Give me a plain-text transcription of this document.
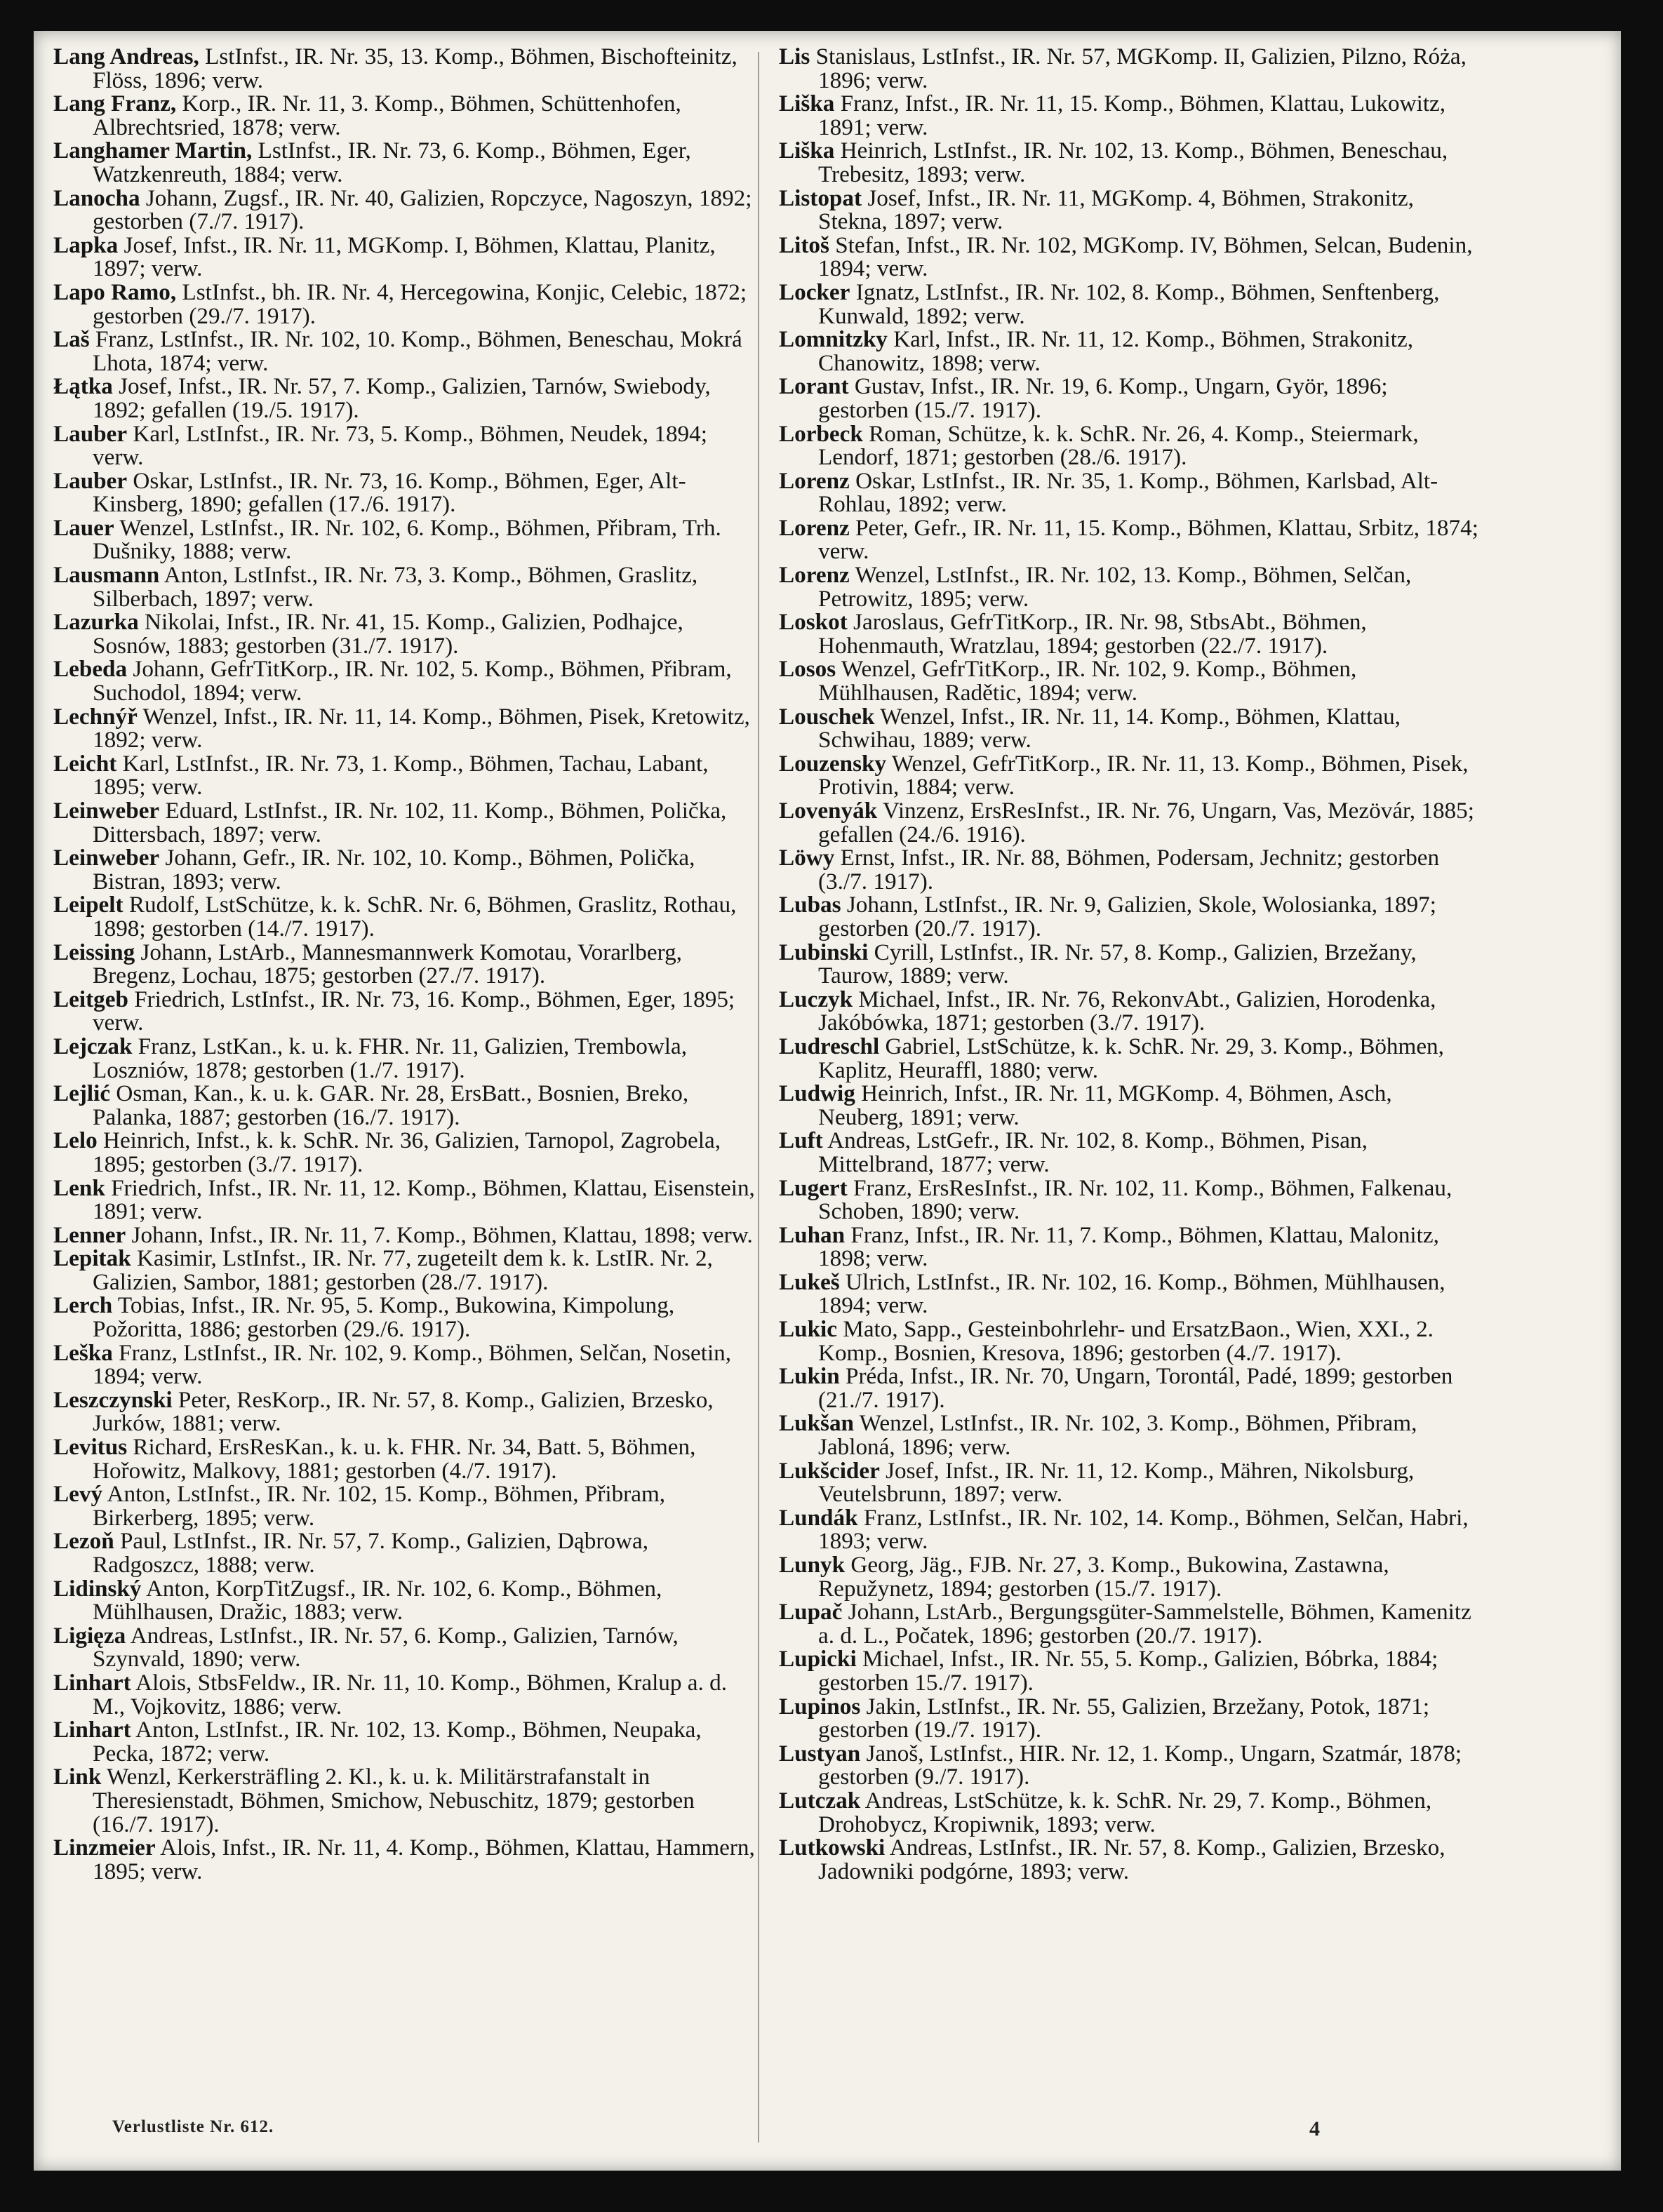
Lang Andreas, LstInfst., IR. Nr. 35, 13. Komp., Böhmen, Bischofteinitz, Flöss, 1896; verw.
Lang Franz, Korp., IR. Nr. 11, 3. Komp., Böhmen, Schüttenhofen, Albrechtsried, 1878; verw.
Langhamer Martin, LstInfst., IR. Nr. 73, 6. Komp., Böhmen, Eger, Watzkenreuth, 1884; verw.
Lanocha Johann, Zugsf., IR. Nr. 40, Galizien, Ropczyce, Nagoszyn, 1892; gestorben (7./7. 1917).
Lapka Josef, Infst., IR. Nr. 11, MGKomp. I, Böhmen, Klattau, Planitz, 1897; verw.
Lapo Ramo, LstInfst., bh. IR. Nr. 4, Hercegowina, Konjic, Celebic, 1872; gestorben (29./7. 1917).
Laš Franz, LstInfst., IR. Nr. 102, 10. Komp., Böhmen, Beneschau, Mokrá Lhota, 1874; verw.
Łątka Josef, Infst., IR. Nr. 57, 7. Komp., Galizien, Tarnów, Swiebody, 1892; gefallen (19./5. 1917).
Lauber Karl, LstInfst., IR. Nr. 73, 5. Komp., Böhmen, Neudek, 1894; verw.
Lauber Oskar, LstInfst., IR. Nr. 73, 16. Komp., Böhmen, Eger, Alt-Kinsberg, 1890; gefallen (17./6. 1917).
Lauer Wenzel, LstInfst., IR. Nr. 102, 6. Komp., Böhmen, Přibram, Trh. Dušniky, 1888; verw.
Lausmann Anton, LstInfst., IR. Nr. 73, 3. Komp., Böhmen, Graslitz, Silberbach, 1897; verw.
Lazurka Nikolai, Infst., IR. Nr. 41, 15. Komp., Galizien, Podhajce, Sosnów, 1883; gestorben (31./7. 1917).
Lebeda Johann, GefrTitKorp., IR. Nr. 102, 5. Komp., Böhmen, Přibram, Suchodol, 1894; verw.
Lechnýř Wenzel, Infst., IR. Nr. 11, 14. Komp., Böhmen, Pisek, Kretowitz, 1892; verw.
Leicht Karl, LstInfst., IR. Nr. 73, 1. Komp., Böhmen, Tachau, Labant, 1895; verw.
Leinweber Eduard, LstInfst., IR. Nr. 102, 11. Komp., Böhmen, Polička, Dittersbach, 1897; verw.
Leinweber Johann, Gefr., IR. Nr. 102, 10. Komp., Böhmen, Polička, Bistran, 1893; verw.
Leipelt Rudolf, LstSchütze, k. k. SchR. Nr. 6, Böhmen, Graslitz, Rothau, 1898; gestorben (14./7. 1917).
Leissing Johann, LstArb., Mannesmannwerk Komotau, Vorarlberg, Bregenz, Lochau, 1875; gestorben (27./7. 1917).
Leitgeb Friedrich, LstInfst., IR. Nr. 73, 16. Komp., Böhmen, Eger, 1895; verw.
Lejczak Franz, LstKan., k. u. k. FHR. Nr. 11, Galizien, Trembowla, Loszniów, 1878; gestorben (1./7. 1917).
Lejlić Osman, Kan., k. u. k. GAR. Nr. 28, ErsBatt., Bosnien, Breko, Palanka, 1887; gestorben (16./7. 1917).
Lelo Heinrich, Infst., k. k. SchR. Nr. 36, Galizien, Tarnopol, Zagrobela, 1895; gestorben (3./7. 1917).
Lenk Friedrich, Infst., IR. Nr. 11, 12. Komp., Böhmen, Klattau, Eisenstein, 1891; verw.
Lenner Johann, Infst., IR. Nr. 11, 7. Komp., Böhmen, Klattau, 1898; verw.
Lepitak Kasimir, LstInfst., IR. Nr. 77, zugeteilt dem k. k. LstIR. Nr. 2, Galizien, Sambor, 1881; gestorben (28./7. 1917).
Lerch Tobias, Infst., IR. Nr. 95, 5. Komp., Bukowina, Kimpolung, Požoritta, 1886; gestorben (29./6. 1917).
Leška Franz, LstInfst., IR. Nr. 102, 9. Komp., Böhmen, Selčan, Nosetin, 1894; verw.
Leszczynski Peter, ResKorp., IR. Nr. 57, 8. Komp., Galizien, Brzesko, Jurków, 1881; verw.
Levitus Richard, ErsResKan., k. u. k. FHR. Nr. 34, Batt. 5, Böhmen, Hořowitz, Malkovy, 1881; gestorben (4./7. 1917).
Levý Anton, LstInfst., IR. Nr. 102, 15. Komp., Böhmen, Přibram, Birkerberg, 1895; verw.
Lezoň Paul, LstInfst., IR. Nr. 57, 7. Komp., Galizien, Dąbrowa, Radgoszcz, 1888; verw.
Lidinský Anton, KorpTitZugsf., IR. Nr. 102, 6. Komp., Böhmen, Mühlhausen, Dražic, 1883; verw.
Ligięza Andreas, LstInfst., IR. Nr. 57, 6. Komp., Galizien, Tarnów, Szynvald, 1890; verw.
Linhart Alois, StbsFeldw., IR. Nr. 11, 10. Komp., Böhmen, Kralup a. d. M., Vojkovitz, 1886; verw.
Linhart Anton, LstInfst., IR. Nr. 102, 13. Komp., Böhmen, Neupaka, Pecka, 1872; verw.
Link Wenzl, Kerkersträfling 2. Kl., k. u. k. Militärstrafanstalt in Theresienstadt, Böhmen, Smichow, Nebuschitz, 1879; gestorben (16./7. 1917).
Linzmeier Alois, Infst., IR. Nr. 11, 4. Komp., Böhmen, Klattau, Hammern, 1895; verw.
Lis Stanislaus, LstInfst., IR. Nr. 57, MGKomp. II, Galizien, Pilzno, Róża, 1896; verw.
Liška Franz, Infst., IR. Nr. 11, 15. Komp., Böhmen, Klattau, Lukowitz, 1891; verw.
Liška Heinrich, LstInfst., IR. Nr. 102, 13. Komp., Böhmen, Beneschau, Trebesitz, 1893; verw.
Listopat Josef, Infst., IR. Nr. 11, MGKomp. 4, Böhmen, Strakonitz, Stekna, 1897; verw.
Litoš Stefan, Infst., IR. Nr. 102, MGKomp. IV, Böhmen, Selcan, Budenin, 1894; verw.
Locker Ignatz, LstInfst., IR. Nr. 102, 8. Komp., Böhmen, Senftenberg, Kunwald, 1892; verw.
Lomnitzky Karl, Infst., IR. Nr. 11, 12. Komp., Böhmen, Strakonitz, Chanowitz, 1898; verw.
Lorant Gustav, Infst., IR. Nr. 19, 6. Komp., Ungarn, Györ, 1896; gestorben (15./7. 1917).
Lorbeck Roman, Schütze, k. k. SchR. Nr. 26, 4. Komp., Steiermark, Lendorf, 1871; gestorben (28./6. 1917).
Lorenz Oskar, LstInfst., IR. Nr. 35, 1. Komp., Böhmen, Karlsbad, Alt-Rohlau, 1892; verw.
Lorenz Peter, Gefr., IR. Nr. 11, 15. Komp., Böhmen, Klattau, Srbitz, 1874; verw.
Lorenz Wenzel, LstInfst., IR. Nr. 102, 13. Komp., Böhmen, Selčan, Petrowitz, 1895; verw.
Loskot Jaroslaus, GefrTitKorp., IR. Nr. 98, StbsAbt., Böhmen, Hohenmauth, Wratzlau, 1894; gestorben (22./7. 1917).
Losos Wenzel, GefrTitKorp., IR. Nr. 102, 9. Komp., Böhmen, Mühlhausen, Radětic, 1894; verw.
Louschek Wenzel, Infst., IR. Nr. 11, 14. Komp., Böhmen, Klattau, Schwihau, 1889; verw.
Louzensky Wenzel, GefrTitKorp., IR. Nr. 11, 13. Komp., Böhmen, Pisek, Protivin, 1884; verw.
Lovenyák Vinzenz, ErsResInfst., IR. Nr. 76, Ungarn, Vas, Mezövár, 1885; gefallen (24./6. 1916).
Löwy Ernst, Infst., IR. Nr. 88, Böhmen, Podersam, Jechnitz; gestorben (3./7. 1917).
Lubas Johann, LstInfst., IR. Nr. 9, Galizien, Skole, Wolosianka, 1897; gestorben (20./7. 1917).
Lubinski Cyrill, LstInfst., IR. Nr. 57, 8. Komp., Galizien, Brzežany, Taurow, 1889; verw.
Luczyk Michael, Infst., IR. Nr. 76, RekonvAbt., Galizien, Horodenka, Jakóbówka, 1871; gestorben (3./7. 1917).
Ludreschl Gabriel, LstSchütze, k. k. SchR. Nr. 29, 3. Komp., Böhmen, Kaplitz, Heuraffl, 1880; verw.
Ludwig Heinrich, Infst., IR. Nr. 11, MGKomp. 4, Böhmen, Asch, Neuberg, 1891; verw.
Luft Andreas, LstGefr., IR. Nr. 102, 8. Komp., Böhmen, Pisan, Mittelbrand, 1877; verw.
Lugert Franz, ErsResInfst., IR. Nr. 102, 11. Komp., Böhmen, Falkenau, Schoben, 1890; verw.
Luhan Franz, Infst., IR. Nr. 11, 7. Komp., Böhmen, Klattau, Malonitz, 1898; verw.
Lukeš Ulrich, LstInfst., IR. Nr. 102, 16. Komp., Böhmen, Mühlhausen, 1894; verw.
Lukic Mato, Sapp., Gesteinbohrlehr- und ErsatzBaon., Wien, XXI., 2. Komp., Bosnien, Kresova, 1896; gestorben (4./7. 1917).
Lukin Préda, Infst., IR. Nr. 70, Ungarn, Torontál, Padé, 1899; gestorben (21./7. 1917).
Lukšan Wenzel, LstInfst., IR. Nr. 102, 3. Komp., Böhmen, Přibram, Jabloná, 1896; verw.
Lukšcider Josef, Infst., IR. Nr. 11, 12. Komp., Mähren, Nikolsburg, Veutelsbrunn, 1897; verw.
Lundák Franz, LstInfst., IR. Nr. 102, 14. Komp., Böhmen, Selčan, Habri, 1893; verw.
Lunyk Georg, Jäg., FJB. Nr. 27, 3. Komp., Bukowina, Zastawna, Repužynetz, 1894; gestorben (15./7. 1917).
Lupač Johann, LstArb., Bergungsgüter-Sammelstelle, Böhmen, Kamenitz a. d. L., Počatek, 1896; gestorben (20./7. 1917).
Lupicki Michael, Infst., IR. Nr. 55, 5. Komp., Galizien, Bóbrka, 1884; gestorben 15./7. 1917).
Lupinos Jakin, LstInfst., IR. Nr. 55, Galizien, Brzežany, Potok, 1871; gestorben (19./7. 1917).
Lustyan Janoš, LstInfst., HIR. Nr. 12, 1. Komp., Ungarn, Szatmár, 1878; gestorben (9./7. 1917).
Lutczak Andreas, LstSchütze, k. k. SchR. Nr. 29, 7. Komp., Böhmen, Drohobycz, Kropiwnik, 1893; verw.
Lutkowski Andreas, LstInfst., IR. Nr. 57, 8. Komp., Galizien, Brzesko, Jadowniki podgórne, 1893; verw.
Verlustliste Nr. 612.	4
